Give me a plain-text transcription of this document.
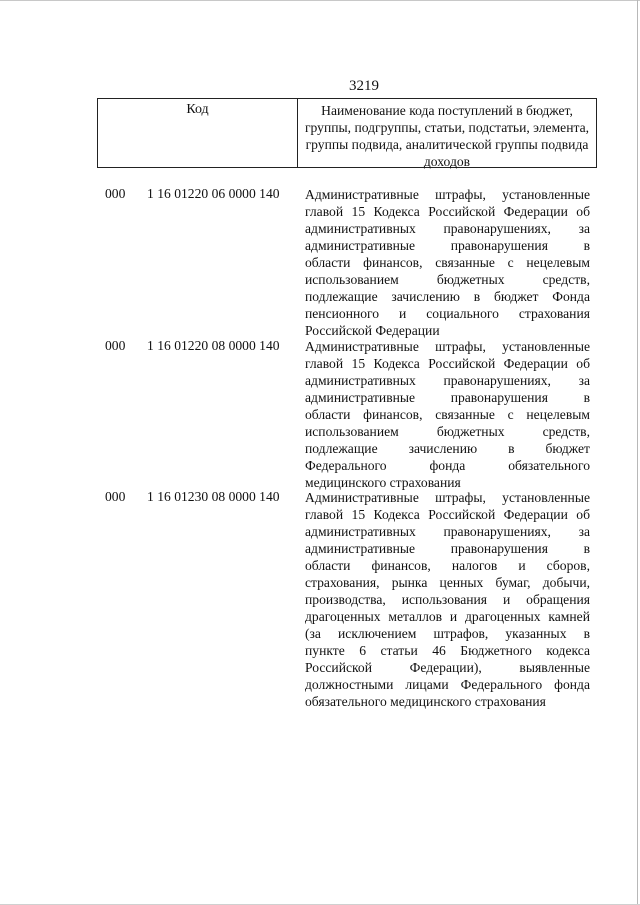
3219
Код	Наименование кода поступлений в бюджет, группы, подгруппы, статьи, подстатьи, элемента, группы подвида, аналитической группы подвида доходов
000 1 16 01220 06 0000 140 Административные штрафы, установленные
главой 15 Кодекса Российской Федерации об
административных правонарушениях, за
административные правонарушения в
области финансов, связанные с нецелевым
использованием бюджетных средств,
подлежащие зачислению в бюджет Фонда
пенсионного и социального страхования
Российской Федерации
000 1 16 01220 08 0000 140 Административные штрафы, установленные
главой 15 Кодекса Российской Федерации об
административных правонарушениях, за
административные правонарушения в
области финансов, связанные с нецелевым
использованием бюджетных средств,
подлежащие зачислению в бюджет
Федерального фонда обязательного
медицинского страхования
000 1 16 01230 08 0000 140 Административные штрафы, установленные
главой 15 Кодекса Российской Федерации об
административных правонарушениях, за
административные правонарушения в
области финансов, налогов и сборов,
страхования, рынка ценных бумаг, добычи,
производства, использования и обращения
драгоценных металлов и драгоценных камней
(за исключением штрафов, указанных в
пункте 6 статьи 46 Бюджетного кодекса
Российской Федерации), выявленные
должностными лицами Федерального фонда
обязательного медицинского страхования
